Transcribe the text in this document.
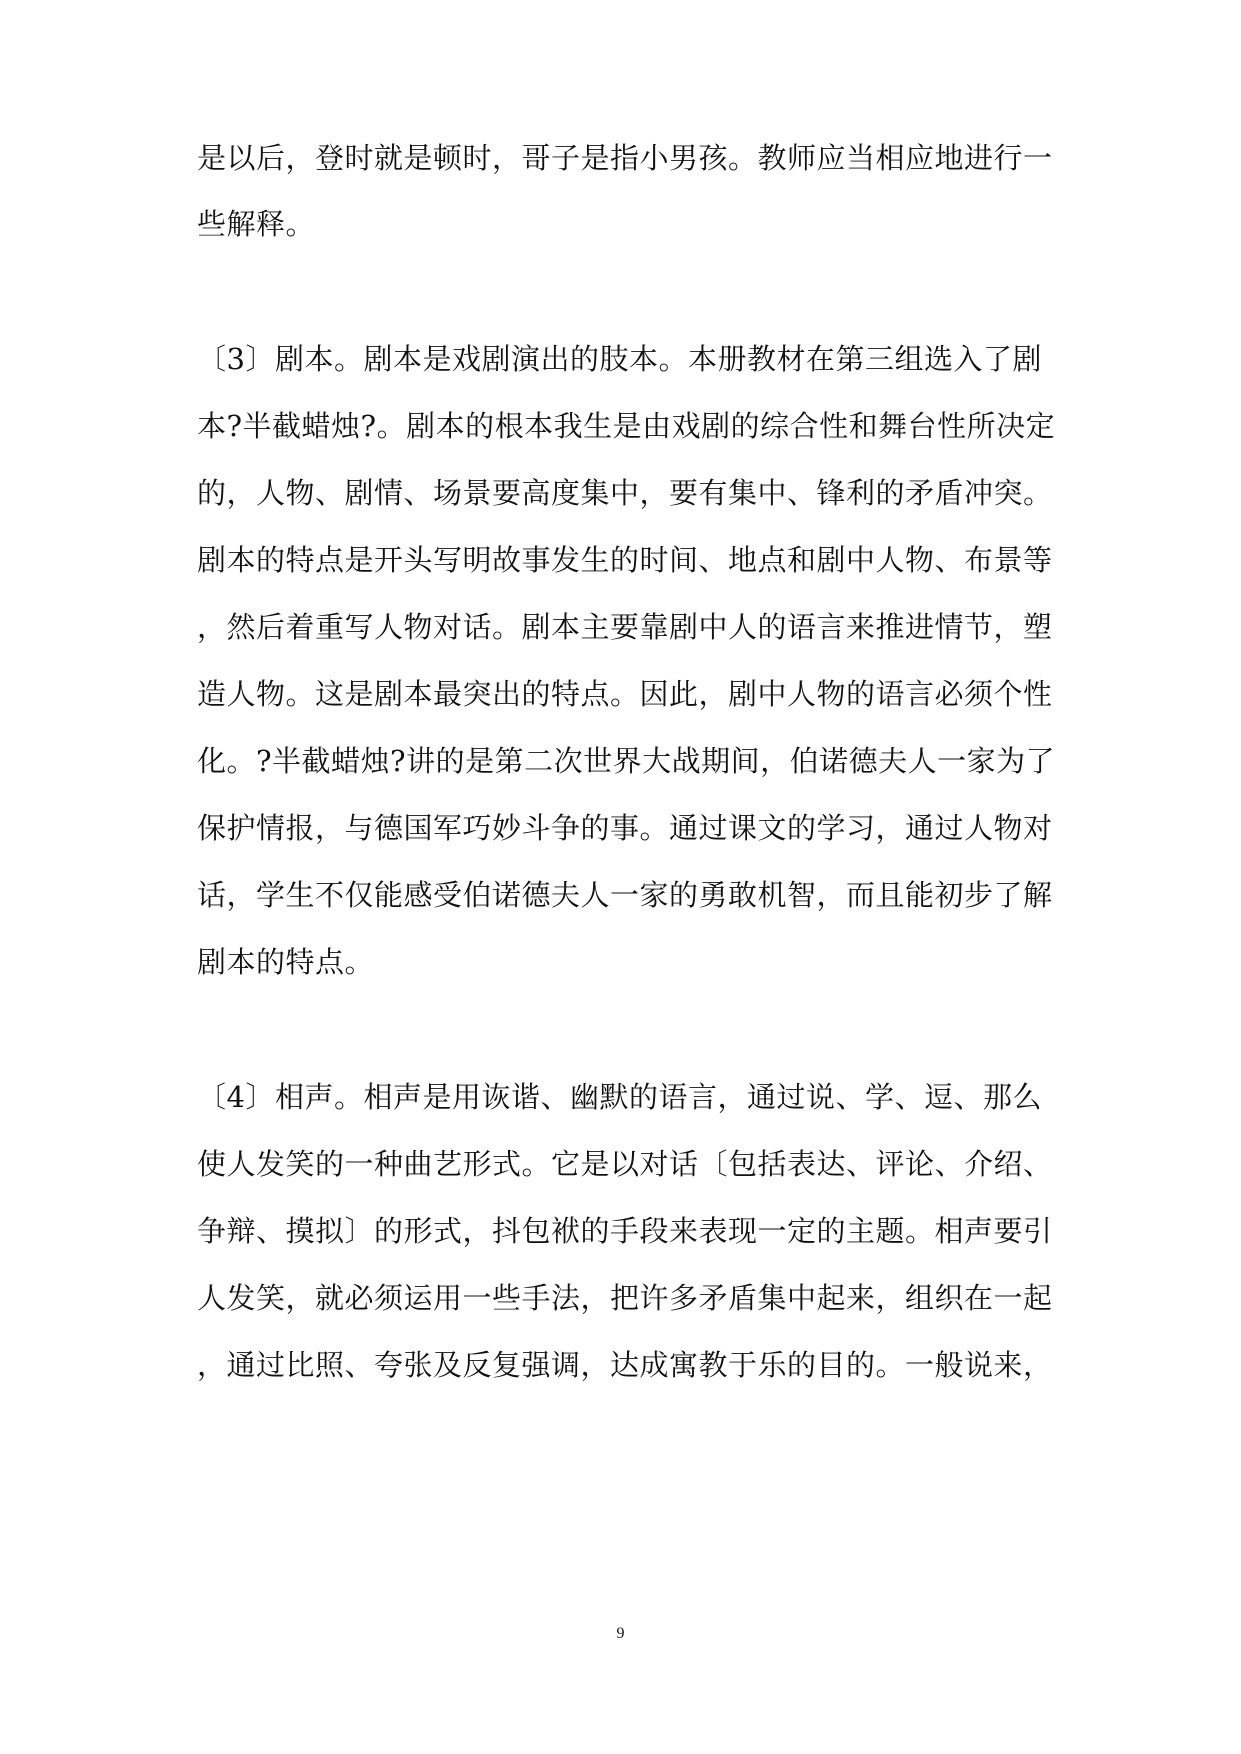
是以后，登时就是顿时，哥子是指小男孩。教师应当相应地进行一
些解释。
〔3〕剧本。剧本是戏剧演出的肢本。本册教材在第三组选入了剧
本?半截蜡烛?。剧本的根本我生是由戏剧的综合性和舞台性所决定
的，人物、剧情、场景要高度集中，要有集中、锋利的矛盾冲突。
剧本的特点是开头写明故事发生的时间、地点和剧中人物、布景等
，然后着重写人物对话。剧本主要靠剧中人的语言来推进情节，塑
造人物。这是剧本最突出的特点。因此，剧中人物的语言必须个性
化。?半截蜡烛?讲的是第二次世界大战期间，伯诺德夫人一家为了
保护情报，与德国军巧妙斗争的事。通过课文的学习，通过人物对
话，学生不仅能感受伯诺德夫人一家的勇敢机智，而且能初步了解
剧本的特点。
〔4〕相声。相声是用诙谐、幽默的语言，通过说、学、逗、那么
使人发笑的一种曲艺形式。它是以对话〔包括表达、评论、介绍、
争辩、摸拟〕的形式，抖包袱的手段来表现一定的主题。相声要引
人发笑，就必须运用一些手法，把许多矛盾集中起来，组织在一起
，通过比照、夸张及反复强调，达成寓教于乐的目的。一般说来，
9
